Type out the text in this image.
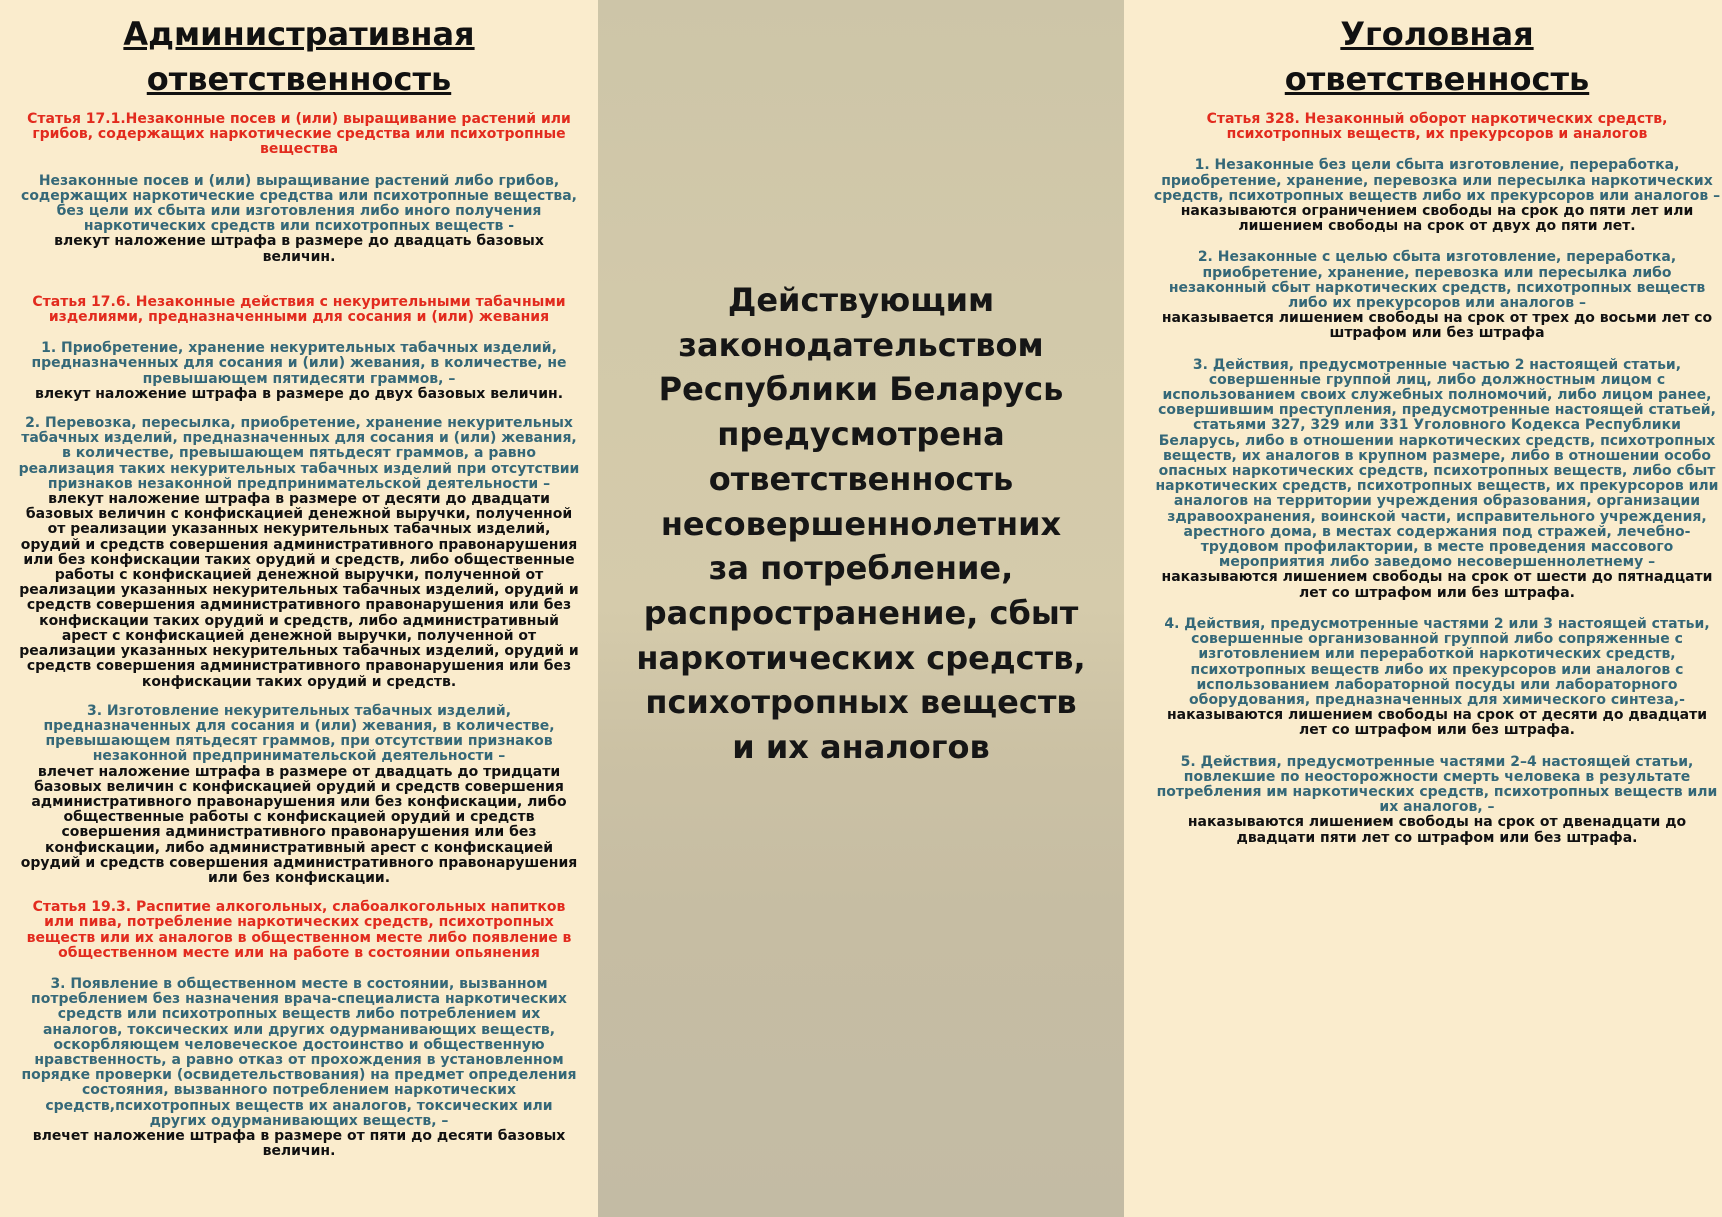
Административная
ответственность
Статья 17.1.Незаконные посев и (или) выращивание растений или грибов, содержащих наркотические средства или психотропные вещества
Незаконные посев и (или) выращивание растений либо грибов, содержащих наркотические средства или психотропные вещества, без цели их сбыта или изготовления либо иного получения наркотических средств или психотропных веществ -
влекут наложение штрафа в размере до двадцать базовых величин.
Статья 17.6. Незаконные действия с некурительными табачными изделиями, предназначенными для сосания и (или) жевания
1. Приобретение, хранение некурительных табачных изделий, предназначенных для сосания и (или) жевания, в количестве, не превышающем пятидесяти граммов, –
влекут наложение штрафа в размере до двух базовых величин.
2. Перевозка, пересылка, приобретение, хранение некурительных табачных изделий, предназначенных для сосания и (или) жевания, в количестве, превышающем пятьдесят граммов, а равно реализация таких некурительных табачных изделий при отсутствии признаков незаконной предпринимательской деятельности –
влекут наложение штрафа в размере от десяти до двадцати базовых величин с конфискацией денежной выручки, полученной от реализации указанных некурительных табачных изделий, орудий и средств совершения административного правонарушения или без конфискации таких орудий и средств, либо общественные работы с конфискацией денежной выручки, полученной от реализации указанных некурительных табачных изделий, орудий и средств совершения административного правонарушения или без конфискации таких орудий и средств, либо административный арест с конфискацией денежной выручки, полученной от реализации указанных некурительных табачных изделий, орудий и средств совершения административного правонарушения или без конфискации таких орудий и средств.
3. Изготовление некурительных табачных изделий, предназначенных для сосания и (или) жевания, в количестве, превышающем пятьдесят граммов, при отсутствии признаков незаконной предпринимательской деятельности –
влечет наложение штрафа в размере от двадцать до тридцати базовых величин с конфискацией орудий и средств совершения административного правонарушения или без конфискации, либо общественные работы с конфискацией орудий и средств совершения административного правонарушения или без конфискации, либо административный арест с конфискацией орудий и средств совершения административного правонарушения или без конфискации.
Статья 19.3. Распитие алкогольных, слабоалкогольных напитков или пива, потребление наркотических средств, психотропных веществ или их аналогов в общественном месте либо появление в общественном месте или на работе в состоянии опьянения
3. Появление в общественном месте в состоянии, вызванном потреблением без назначения врача-специалиста наркотических средств или психотропных веществ либо потреблением их аналогов, токсических или других одурманивающих веществ, оскорбляющем человеческое достоинство и общественную нравственность, а равно отказ от прохождения в установленном порядке проверки (освидетельствования) на предмет определения состояния, вызванного потреблением наркотических средств,психотропных веществ их аналогов, токсических или других одурманивающих веществ, –
влечет наложение штрафа в размере от пяти до десяти базовых величин.
Действующим
законодательством
Республики Беларусь
предусмотрена
ответственность
несовершеннолетних
за потребление,
распространение, сбыт
наркотических средств,
психотропных веществ
и их аналогов
Уголовная
ответственность
Статья 328. Незаконный оборот наркотических средств, психотропных веществ, их прекурсоров и аналогов
1. Незаконные без цели сбыта изготовление, переработка, приобретение, хранение, перевозка или пересылка наркотических средств, психотропных веществ либо их прекурсоров или аналогов –
наказываются ограничением свободы на срок до пяти лет или лишением свободы на срок от двух до пяти лет.
2. Незаконные с целью сбыта изготовление, переработка, приобретение, хранение, перевозка или пересылка либо незаконный сбыт наркотических средств, психотропных веществ либо их прекурсоров или аналогов –
наказывается лишением свободы на срок от трех до восьми лет со штрафом или без штрафа
3. Действия, предусмотренные частью 2 настоящей статьи, совершенные группой лиц, либо должностным лицом с использованием своих служебных полномочий, либо лицом ранее, совершившим преступления, предусмотренные настоящей статьей, статьями 327, 329 или 331 Уголовного Кодекса Республики Беларусь, либо в отношении наркотических средств, психотропных веществ, их аналогов в крупном размере, либо в отношении особо опасных наркотических средств, психотропных веществ, либо сбыт наркотических средств, психотропных веществ, их прекурсоров или аналогов на территории учреждения образования, организации здравоохранения, воинской части, исправительного учреждения, арестного дома, в местах содержания под стражей, лечебно-трудовом профилактории, в месте проведения массового мероприятия либо заведомо несовершеннолетнему –
наказываются лишением свободы на срок от шести до пятнадцати лет со штрафом или без штрафа.
4. Действия, предусмотренные частями 2 или 3 настоящей статьи, совершенные организованной группой либо сопряженные с изготовлением или переработкой наркотических средств, психотропных веществ либо их прекурсоров или аналогов с использованием лабораторной посуды или лабораторного оборудования, предназначенных для химического синтеза,-
наказываются лишением свободы на срок от десяти до двадцати лет со штрафом или без штрафа.
5. Действия, предусмотренные частями 2–4 настоящей статьи, повлекшие по неосторожности смерть человека в результате потребления им наркотических средств, психотропных веществ или их аналогов, –
наказываются лишением свободы на срок от двенадцати до двадцати пяти лет со штрафом или без штрафа.
